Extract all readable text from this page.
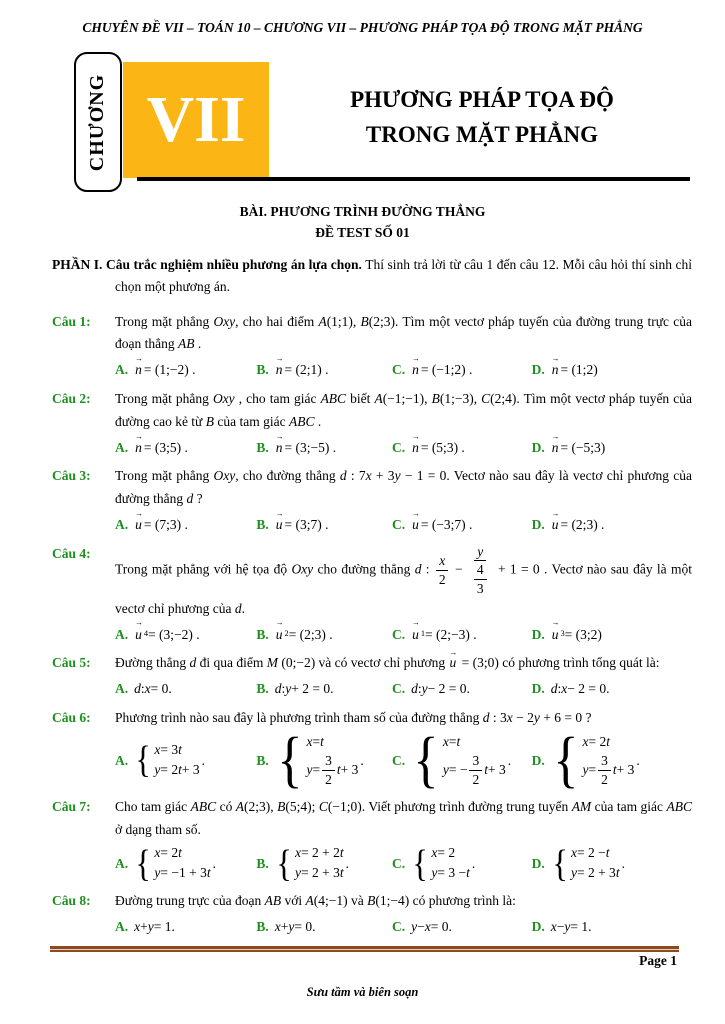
CHUYÊN ĐỀ VII – TOÁN 10 – CHƯƠNG VII – PHƯƠNG PHÁP TỌA ĐỘ TRONG MẶT PHẲNG
CHƯƠNG VII	PHƯƠNG PHÁP TỌA ĐỘ
TRONG MẶT PHẲNG
BÀI. PHƯƠNG TRÌNH ĐƯỜNG THẲNG
ĐỀ TEST SỐ 01
PHẦN I. Câu trắc nghiệm nhiều phương án lựa chọn. Thí sinh trả lời từ câu 1 đến câu 12. Mỗi câu hỏi thí sinh chỉ chọn một phương án.
Câu 1:	Trong mặt phẳng Oxy, cho hai điểm A(1;1), B(2;3). Tìm một vectơ pháp tuyến của đường trung trực của đoạn thẳng AB .
A. n → = (1;−2) .	B. n → = (2;1) .	C. n → = (−1;2) .	D. n → = (1;2)
Câu 2:	Trong mặt phẳng Oxy , cho tam giác ABC biết A(−1;−1), B(1;−3), C(2;4). Tìm một vectơ pháp tuyến của đường cao kẻ từ B của tam giác ABC .
A. n → = (3;5) .	B. n → = (3;−5) .	C. n → = (5;3) .	D. n → = (−5;3)
Câu 3:	Trong mặt phẳng Oxy, cho đường thẳng d : 7x + 3y − 1 = 0. Vectơ nào sau đây là vectơ chỉ phương của đường thẳng d ?
A. u → = (7;3) .	B. u → = (3;7) .	C. u → = (−3;7) .	D. u → = (2;3) .
Câu 4:
Trong mặt phẳng với hệ tọa độ Oxy cho đường thẳng d : $\frac{x}{2} - \frac{y}{\frac{4}{3}} + 1 = 0$ . Vectơ nào sau đây là một vectơ chỉ phương của d.
A. u → 4 = (3;−2) .	B. u → 2 = (2;3) .	C. u → 1 = (2;−3) .	D. u → 3 = (3;2)
Câu 5:	Đường thẳng d đi qua điểm M (0;−2) và có vectơ chỉ phương u → = (3;0) có phương trình tổng quát là:
A. d : x = 0.	B. d : y + 2 = 0.	C. d : y − 2 = 0.	D. d : x − 2 = 0.
Câu 6:	Phương trình nào sau đây là phương trình tham số của đường thẳng d : 3x − 2y + 6 = 0 ?
A.
{ x = 3 t
y = 2 t + 3
.	B.
{ x = t
$y = \frac{3}{2}$ t + 3
. C.
{ x = t
y = − $\frac{3}{2}$ t + 3
. D.
{ x = 2 t
$y = \frac{3}{2}$ t + 3
.
Câu 7:	Cho tam giác ABC có A(2;3), B(5;4); C(−1;0). Viết phương trình đường trung tuyến AM của tam giác ABC ở dạng tham số.
A.
{ x = 2 t
y = −1 + 3 t
.	B.
{ x = 2 + 2 t
y = 2 + 3 t
.	C.
{ x = 2
y = 3 − t
.	D.
{ x = 2 − t
y = 2 + 3 t
.
Câu 8:	Đường trung trực của đoạn AB với A(4;−1) và B(1;−4) có phương trình là:
A. x + y = 1.	B. x + y = 0.	C. y − x = 0.	D. x − y = 1.
Page 1
Sưu tầm và biên soạn
